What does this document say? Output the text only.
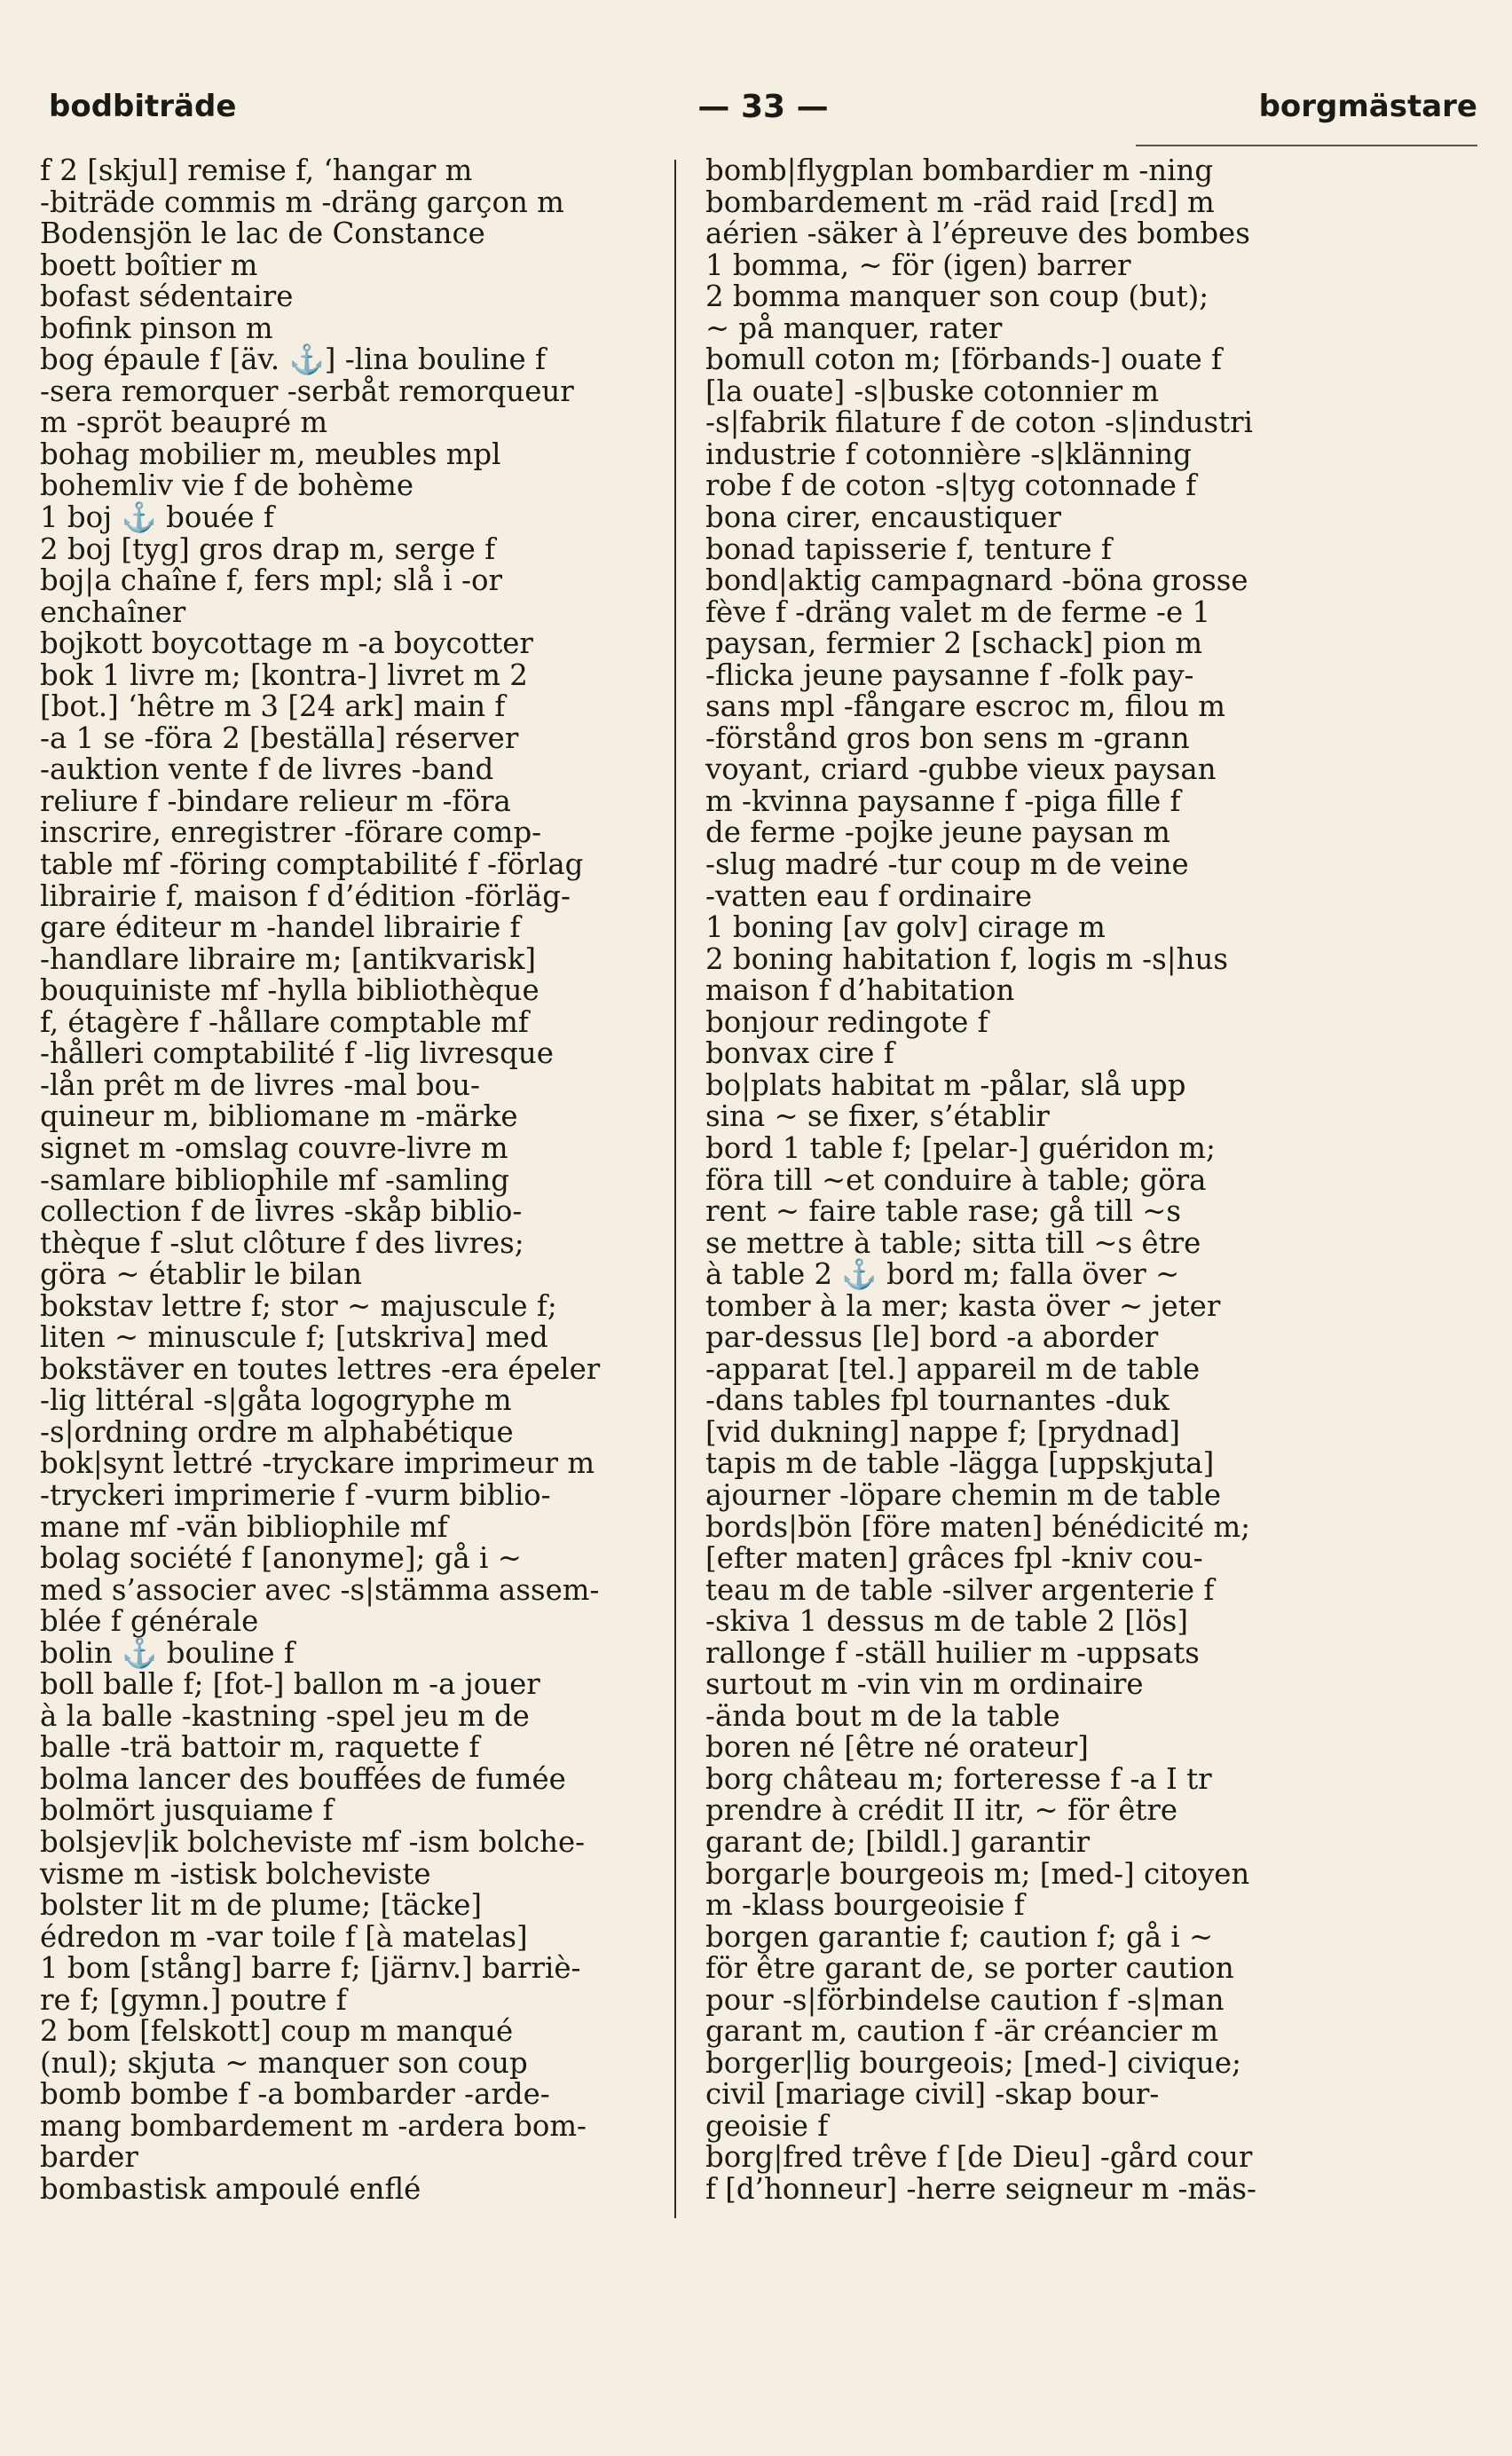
bodbiträde	— 33 —	borgmästare
f 2 [skjul] remise f, ‘hangar m
-biträde commis m -dräng garçon m
Bodensjön le lac de Constance
boett boîtier m
bofast sédentaire
bofink pinson m
bog épaule f [äv. ⚓] -lina bouline f
-sera remorquer -serbåt remorqueur
m -spröt beaupré m
bohag mobilier m, meubles mpl
bohemliv vie f de bohème
1 boj ⚓ bouée f
2 boj [tyg] gros drap m, serge f
boj|a chaîne f, fers mpl; slå i -or
enchaîner
bojkott boycottage m -a boycotter
bok 1 livre m; [kontra-] livret m 2
[bot.] ‘hêtre m 3 [24 ark] main f
-a 1 se -föra 2 [beställa] réserver
-auktion vente f de livres -band
reliure f -bindare relieur m -föra
inscrire, enregistrer -förare comp-
table mf -föring comptabilité f -förlag
librairie f, maison f d’édition -förläg-
gare éditeur m -handel librairie f
-handlare libraire m; [antikvarisk]
bouquiniste mf -hylla bibliothèque
f, étagère f -hållare comptable mf
-hålleri comptabilité f -lig livresque
-lån prêt m de livres -mal bou-
quineur m, bibliomane m -märke
signet m -omslag couvre-livre m
-samlare bibliophile mf -samling
collection f de livres -skåp biblio-
thèque f -slut clôture f des livres;
göra ~ établir le bilan
bokstav lettre f; stor ~ majuscule f;
liten ~ minuscule f; [utskriva] med
bokstäver en toutes lettres -era épeler
-lig littéral -s|gåta logogryphe m
-s|ordning ordre m alphabétique
bok|synt lettré -tryckare imprimeur m
-tryckeri imprimerie f -vurm biblio-
mane mf -vän bibliophile mf
bolag société f [anonyme]; gå i ~
med s’associer avec -s|stämma assem-
blée f générale
bolin ⚓ bouline f
boll balle f; [fot-] ballon m -a jouer
à la balle -kastning -spel jeu m de
balle -trä battoir m, raquette f
bolma lancer des bouffées de fumée
bolmört jusquiame f
bolsjev|ik bolcheviste mf -ism bolche-
visme m -istisk bolcheviste
bolster lit m de plume; [täcke]
édredon m -var toile f [à matelas]
1 bom [stång] barre f; [järnv.] barriè-
re f; [gymn.] poutre f
2 bom [felskott] coup m manqué
(nul); skjuta ~ manquer son coup
bomb bombe f -a bombarder -arde-
mang bombardement m -ardera bom-
barder
bombastisk ampoulé enflé
bomb|flygplan bombardier m -ning
bombardement m -räd raid [rɛd] m
aérien -säker à l’épreuve des bombes
1 bomma, ~ för (igen) barrer
2 bomma manquer son coup (but);
~ på manquer, rater
bomull coton m; [förbands-] ouate f
[la ouate] -s|buske cotonnier m
-s|fabrik filature f de coton -s|industri
industrie f cotonnière -s|klänning
robe f de coton -s|tyg cotonnade f
bona cirer, encaustiquer
bonad tapisserie f, tenture f
bond|aktig campagnard -böna grosse
fève f -dräng valet m de ferme -e 1
paysan, fermier 2 [schack] pion m
-flicka jeune paysanne f -folk pay-
sans mpl -fångare escroc m, filou m
-förstånd gros bon sens m -grann
voyant, criard -gubbe vieux paysan
m -kvinna paysanne f -piga fille f
de ferme -pojke jeune paysan m
-slug madré -tur coup m de veine
-vatten eau f ordinaire
1 boning [av golv] cirage m
2 boning habitation f, logis m -s|hus
maison f d’habitation
bonjour redingote f
bonvax cire f
bo|plats habitat m -pålar, slå upp
sina ~ se fixer, s’établir
bord 1 table f; [pelar-] guéridon m;
föra till ~et conduire à table; göra
rent ~ faire table rase; gå till ~s
se mettre à table; sitta till ~s être
à table 2 ⚓ bord m; falla över ~
tomber à la mer; kasta över ~ jeter
par-dessus [le] bord -a aborder
-apparat [tel.] appareil m de table
-dans tables fpl tournantes -duk
[vid dukning] nappe f; [prydnad]
tapis m de table -lägga [uppskjuta]
ajourner -löpare chemin m de table
bords|bön [före maten] bénédicité m;
[efter maten] grâces fpl -kniv cou-
teau m de table -silver argenterie f
-skiva 1 dessus m de table 2 [lös]
rallonge f -ställ huilier m -uppsats
surtout m -vin vin m ordinaire
-ända bout m de la table
boren né [être né orateur]
borg château m; forteresse f -a I tr
prendre à crédit II itr, ~ för être
garant de; [bildl.] garantir
borgar|e bourgeois m; [med-] citoyen
m -klass bourgeoisie f
borgen garantie f; caution f; gå i ~
för être garant de, se porter caution
pour -s|förbindelse caution f -s|man
garant m, caution f -är créancier m
borger|lig bourgeois; [med-] civique;
civil [mariage civil] -skap bour-
geoisie f
borg|fred trêve f [de Dieu] -gård cour
f [d’honneur] -herre seigneur m -mäs-
